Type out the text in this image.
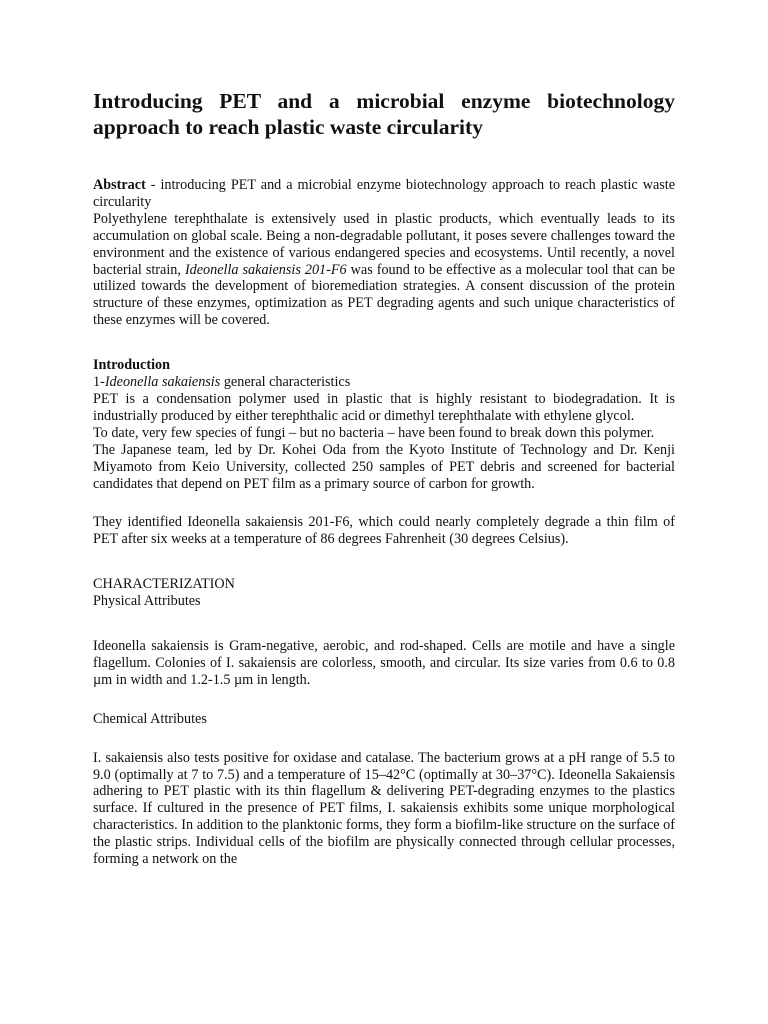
Introducing PET and a microbial enzyme biotechnology approach to reach plastic waste circularity

Abstract - introducing PET and a microbial enzyme biotechnology approach to reach plastic waste circularity

Polyethylene terephthalate is extensively used in plastic products, which eventually leads to its accumulation on global scale. Being a non-degradable pollutant, it poses severe challenges toward the environment and the existence of various endangered species and ecosystems. Until recently, a novel bacterial strain, Ideonella sakaiensis 201-F6 was found to be effective as a molecular tool that can be utilized towards the development of bioremediation strategies. A consent discussion of the protein structure of these enzymes, optimization as PET degrading agents and such unique characteristics of these enzymes will be covered.

Introduction

1-Ideonella sakaiensis general characteristics

PET is a condensation polymer used in plastic that is highly resistant to biodegradation. It is industrially produced by either terephthalic acid or dimethyl terephthalate with ethylene glycol.

To date, very few species of fungi – but no bacteria – have been found to break down this polymer.

The Japanese team, led by Dr. Kohei Oda from the Kyoto Institute of Technology and Dr. Kenji Miyamoto from Keio University, collected 250 samples of PET debris and screened for bacterial candidates that depend on PET film as a primary source of carbon for growth.

They identified Ideonella sakaiensis 201-F6, which could nearly completely degrade a thin film of PET after six weeks at a temperature of 86 degrees Fahrenheit (30 degrees Celsius).

CHARACTERIZATION

Physical Attributes

Ideonella sakaiensis is Gram-negative, aerobic, and rod-shaped. Cells are motile and have a single flagellum. Colonies of I. sakaiensis are colorless, smooth, and circular. Its size varies from 0.6 to 0.8 µm in width and 1.2-1.5 µm in length.

Chemical Attributes

I. sakaiensis also tests positive for oxidase and catalase. The bacterium grows at a pH range of 5.5 to 9.0 (optimally at 7 to 7.5) and a temperature of 15–42°C (optimally at 30–37°C). Ideonella Sakaiensis adhering to PET plastic with its thin flagellum & delivering PET-degrading enzymes to the plastics surface. If cultured in the presence of PET films, I. sakaiensis exhibits some unique morphological characteristics. In addition to the planktonic forms, they form a biofilm-like structure on the surface of the plastic strips. Individual cells of the biofilm are physically connected through cellular processes, forming a network on the
